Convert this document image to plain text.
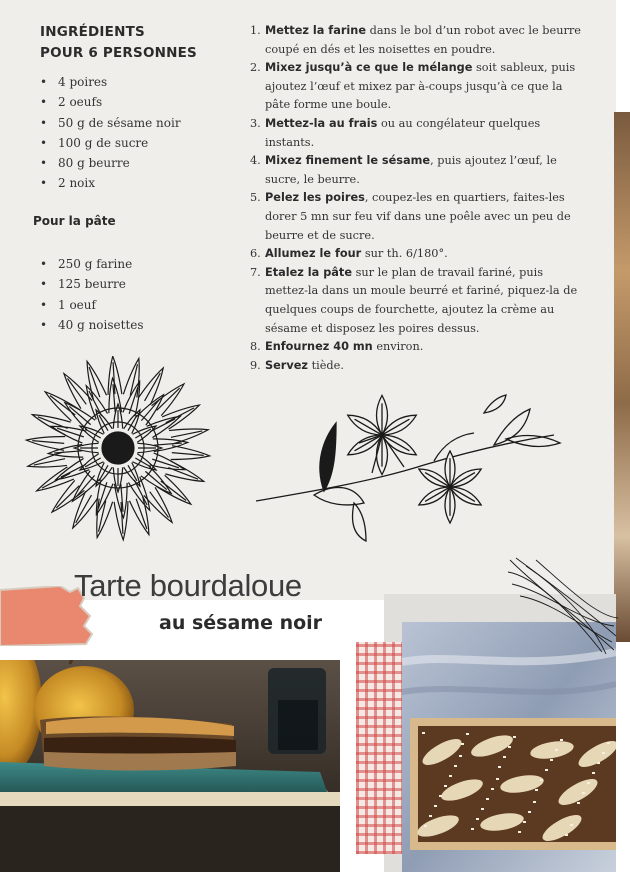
INGRÉDIENTS
POUR 6 PERSONNES
• 4 poires
• 2 oeufs
• 50 g de sésame noir
• 100 g de sucre
• 80 g beurre
• 2 noix
Pour la pâte
• 250 g farine
• 125 beurre
• 1 oeuf
• 40 g noisettes
1. Mettez la farine dans le bol d’un robot avec le beurre coupé en dés et les noisettes en poudre.
2. Mixez jusqu’à ce que le mélange soit sableux, puis ajoutez l’œuf et mixez par à-coups jusqu’à ce que la pâte forme une boule.
3. Mettez-la au frais ou au congélateur quelques instants.
4. Mixez finement le sésame, puis ajoutez l’œuf, le sucre, le beurre.
5. Pelez les poires, coupez-les en quartiers, faites-les dorer 5 mn sur feu vif dans une poêle avec un peu de beurre et de sucre.
6. Allumez le four sur th. 6/180°.
7. Etalez la pâte sur le plan de travail fariné, puis mettez-la dans un moule beurré et fariné, piquez-la de quelques coups de fourchette, ajoutez la crème au sésame et disposez les poires dessus.
8. Enfournez 40 mn environ.
9. Servez tiède.
Tarte bourdaloue
au sésame noir
